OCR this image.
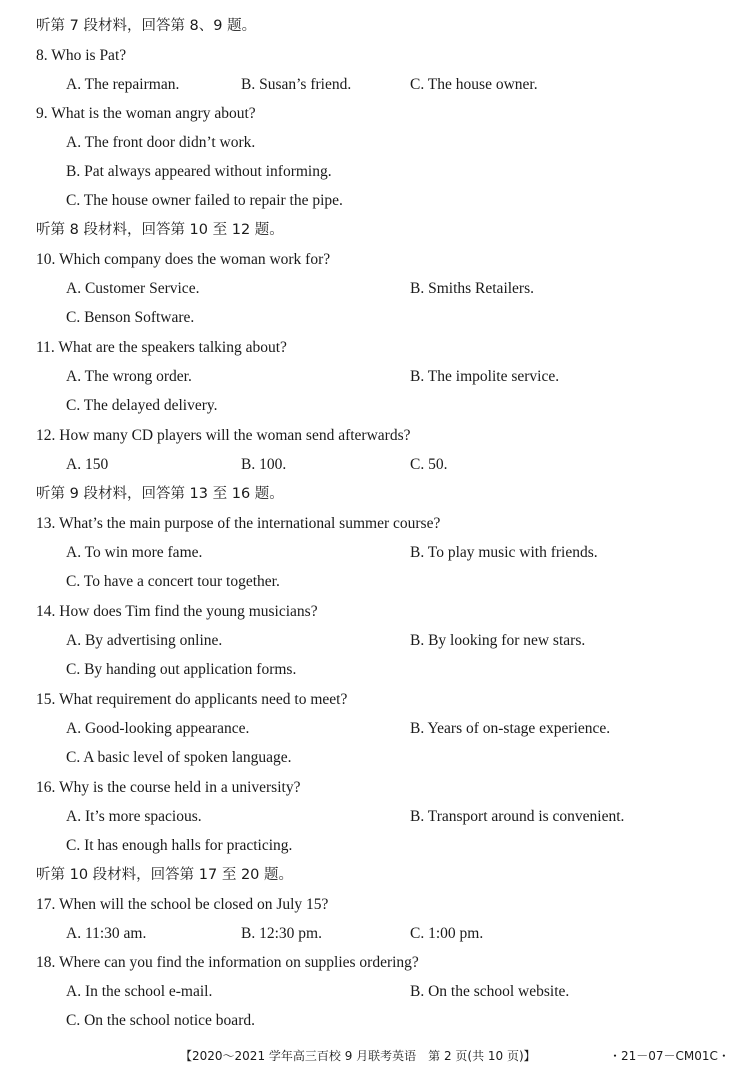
听第 7 段材料，回答第 8、9 题。
8. Who is Pat?
A. The repairman.	B. Susan’s friend.	C. The house owner.
9. What is the woman angry about?
A. The front door didn’t work.
B. Pat always appeared without informing.
C. The house owner failed to repair the pipe.
听第 8 段材料，回答第 10 至 12 题。
10. Which company does the woman work for?
A. Customer Service.	B. Smiths Retailers.
C. Benson Software.
11. What are the speakers talking about?
A. The wrong order.	B. The impolite service.
C. The delayed delivery.
12. How many CD players will the woman send afterwards?
A. 150	B. 100.	C. 50.
听第 9 段材料，回答第 13 至 16 题。
13. What’s the main purpose of the international summer course?
A. To win more fame.	B. To play music with friends.
C. To have a concert tour together.
14. How does Tim find the young musicians?
A. By advertising online.	B. By looking for new stars.
C. By handing out application forms.
15. What requirement do applicants need to meet?
A. Good-looking appearance.	B. Years of on-stage experience.
C. A basic level of spoken language.
16. Why is the course held in a university?
A. It’s more spacious.	B. Transport around is convenient.
C. It has enough halls for practicing.
听第 10 段材料，回答第 17 至 20 题。
17. When will the school be closed on July 15?
A. 11:30 am.	B. 12:30 pm.	C. 1:00 pm.
18. Where can you find the information on supplies ordering?
A. In the school e-mail.	B. On the school website.
C. On the school notice board.
【2020～2021 学年高三百校 9 月联考英语　第 2 页(共 10 页)】	・21－07－CM01C・
